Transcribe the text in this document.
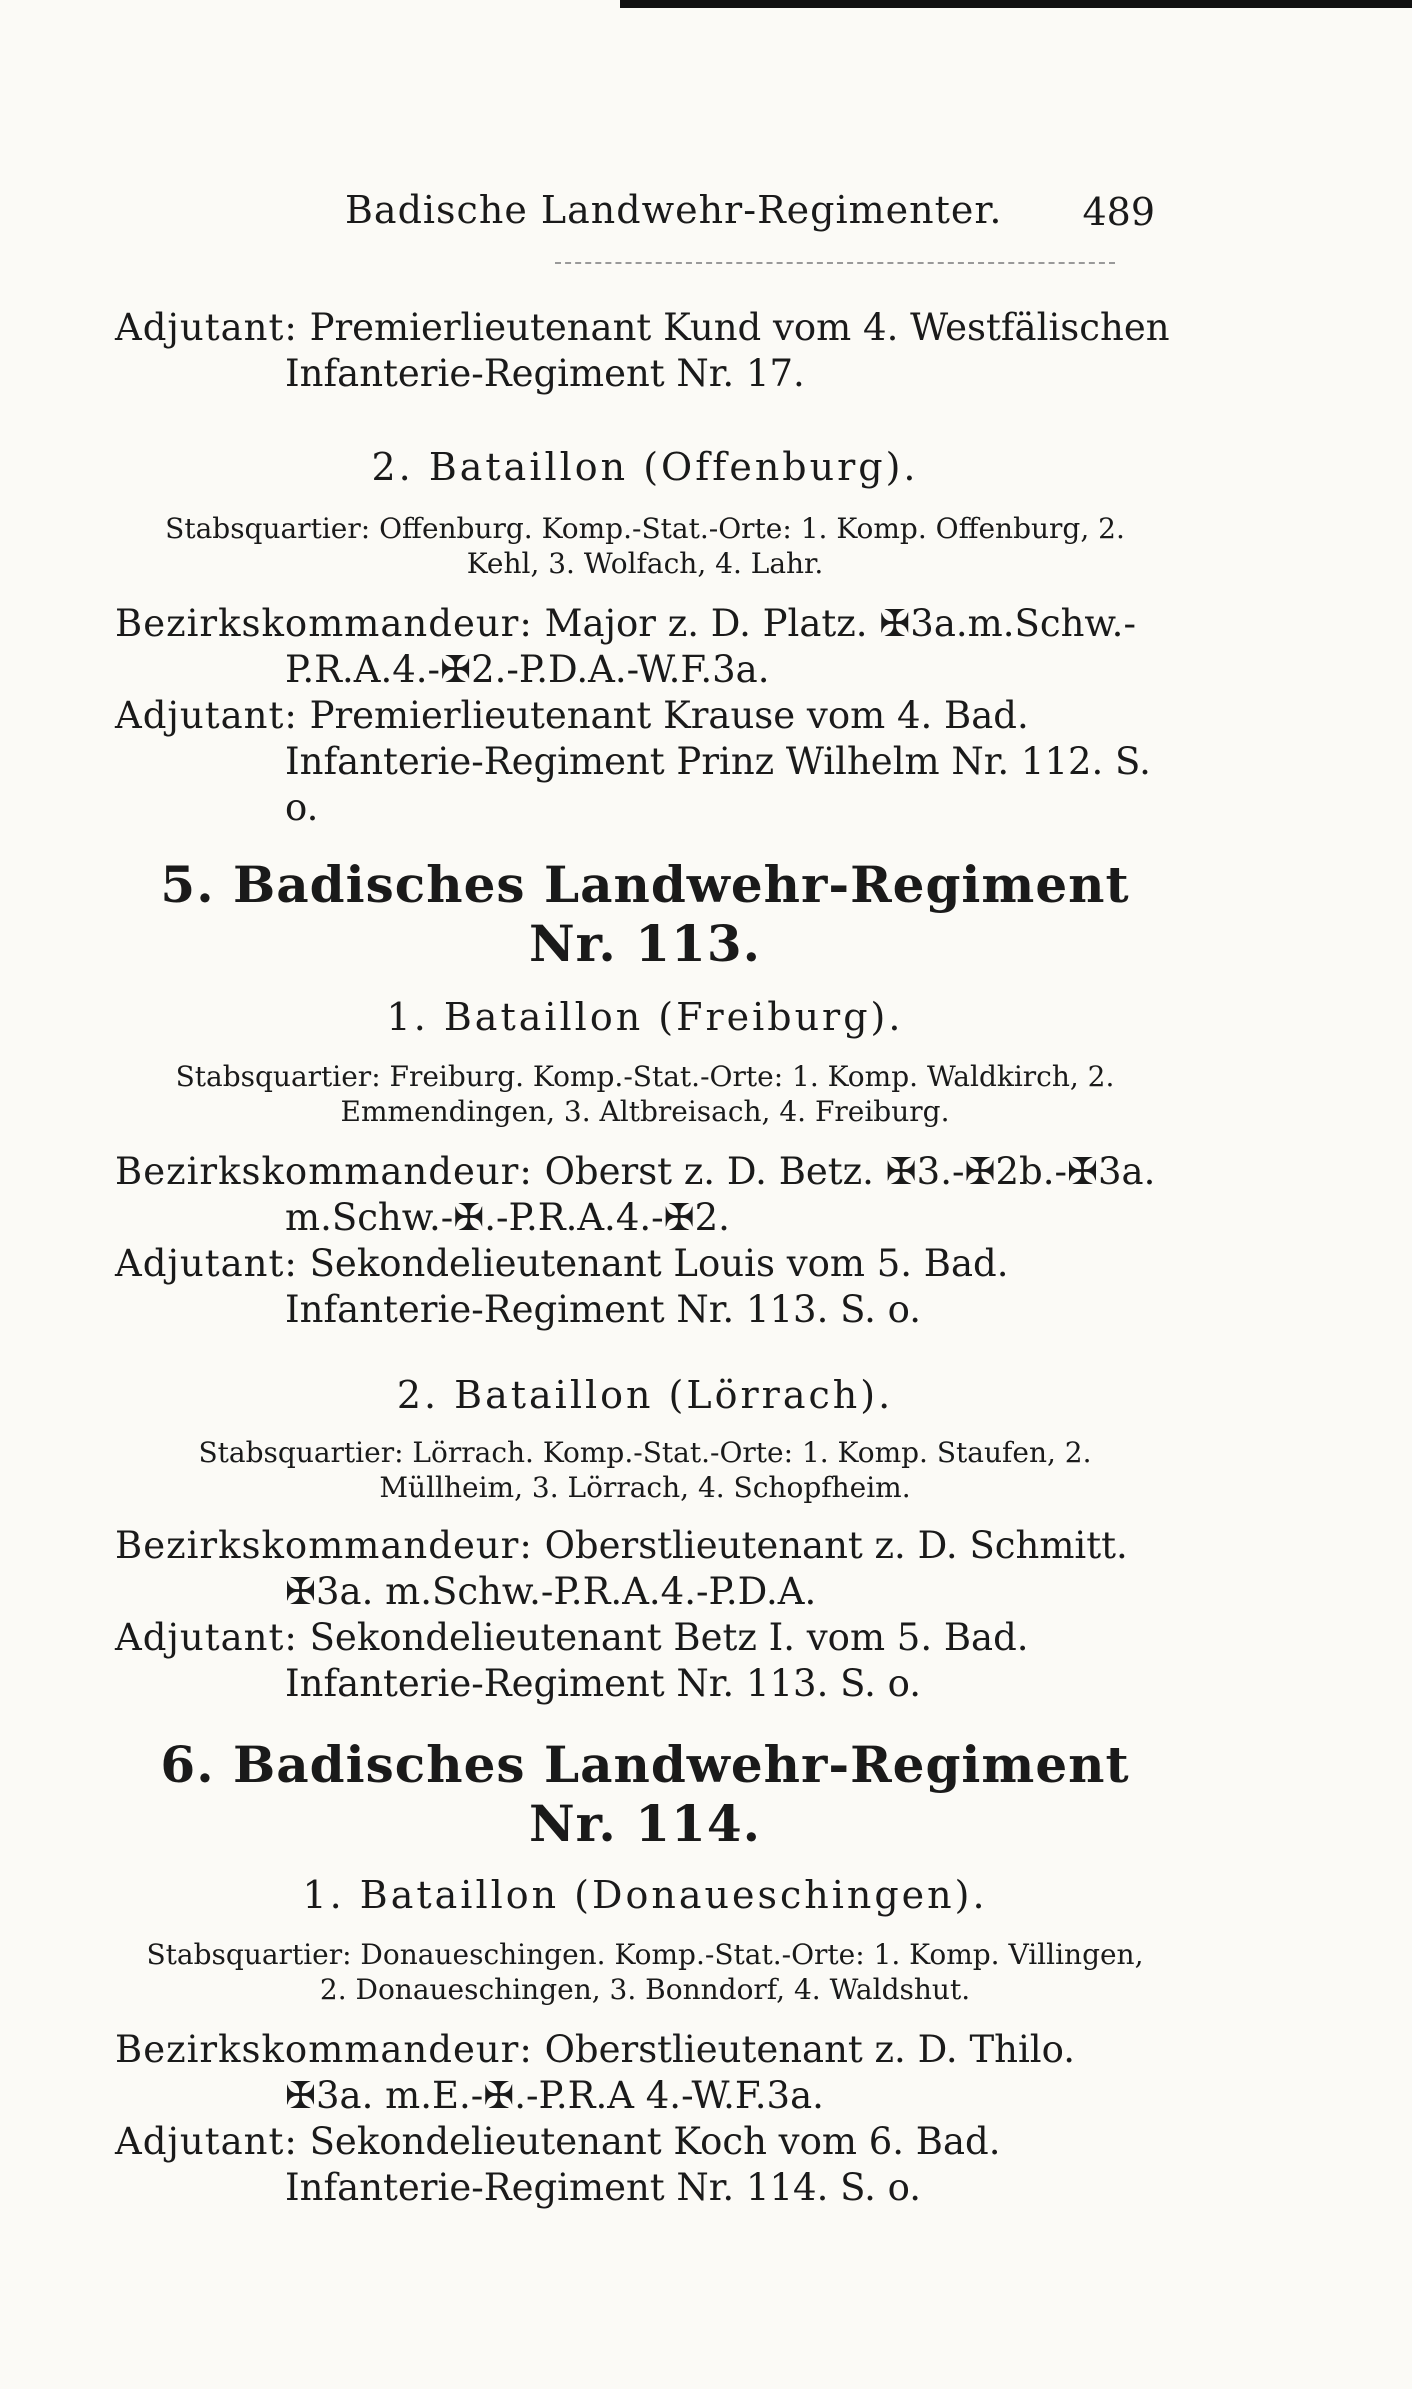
Badische Landwehr-Regimenter. 489

Adjutant: Premierlieutenant Kund vom 4. Westfälischen Infanterie-Regiment Nr. 17.

2. Bataillon (Offenburg).

Stabsquartier: Offenburg. Komp.-Stat.-Orte: 1. Komp. Offenburg, 2. Kehl, 3. Wolfach, 4. Lahr.

Bezirkskommandeur: Major z. D. Platz. ✠3a.m.Schw.-P.R.A.4.-✠2.-P.D.A.-W.F.3a.

Adjutant: Premierlieutenant Krause vom 4. Bad. Infanterie-Regiment Prinz Wilhelm Nr. 112. S. o.

5. Badisches Landwehr-Regiment Nr. 113.

1. Bataillon (Freiburg).

Stabsquartier: Freiburg. Komp.-Stat.-Orte: 1. Komp. Waldkirch, 2. Emmendingen, 3. Altbreisach, 4. Freiburg.

Bezirkskommandeur: Oberst z. D. Betz. ✠3.-✠2b.-✠3a. m.Schw.-✠.-P.R.A.4.-✠2.

Adjutant: Sekondelieutenant Louis vom 5. Bad. Infanterie-Regiment Nr. 113. S. o.

2. Bataillon (Lörrach).

Stabsquartier: Lörrach. Komp.-Stat.-Orte: 1. Komp. Staufen, 2. Müllheim, 3. Lörrach, 4. Schopfheim.

Bezirkskommandeur: Oberstlieutenant z. D. Schmitt. ✠3a. m.Schw.-P.R.A.4.-P.D.A.

Adjutant: Sekondelieutenant Betz I. vom 5. Bad. Infanterie-Regiment Nr. 113. S. o.

6. Badisches Landwehr-Regiment Nr. 114.

1. Bataillon (Donaueschingen).

Stabsquartier: Donaueschingen. Komp.-Stat.-Orte: 1. Komp. Villingen, 2. Donaueschingen, 3. Bonndorf, 4. Waldshut.

Bezirkskommandeur: Oberstlieutenant z. D. Thilo. ✠3a. m.E.-✠.-P.R.A 4.-W.F.3a.

Adjutant: Sekondelieutenant Koch vom 6. Bad. Infanterie-Regiment Nr. 114. S. o.
